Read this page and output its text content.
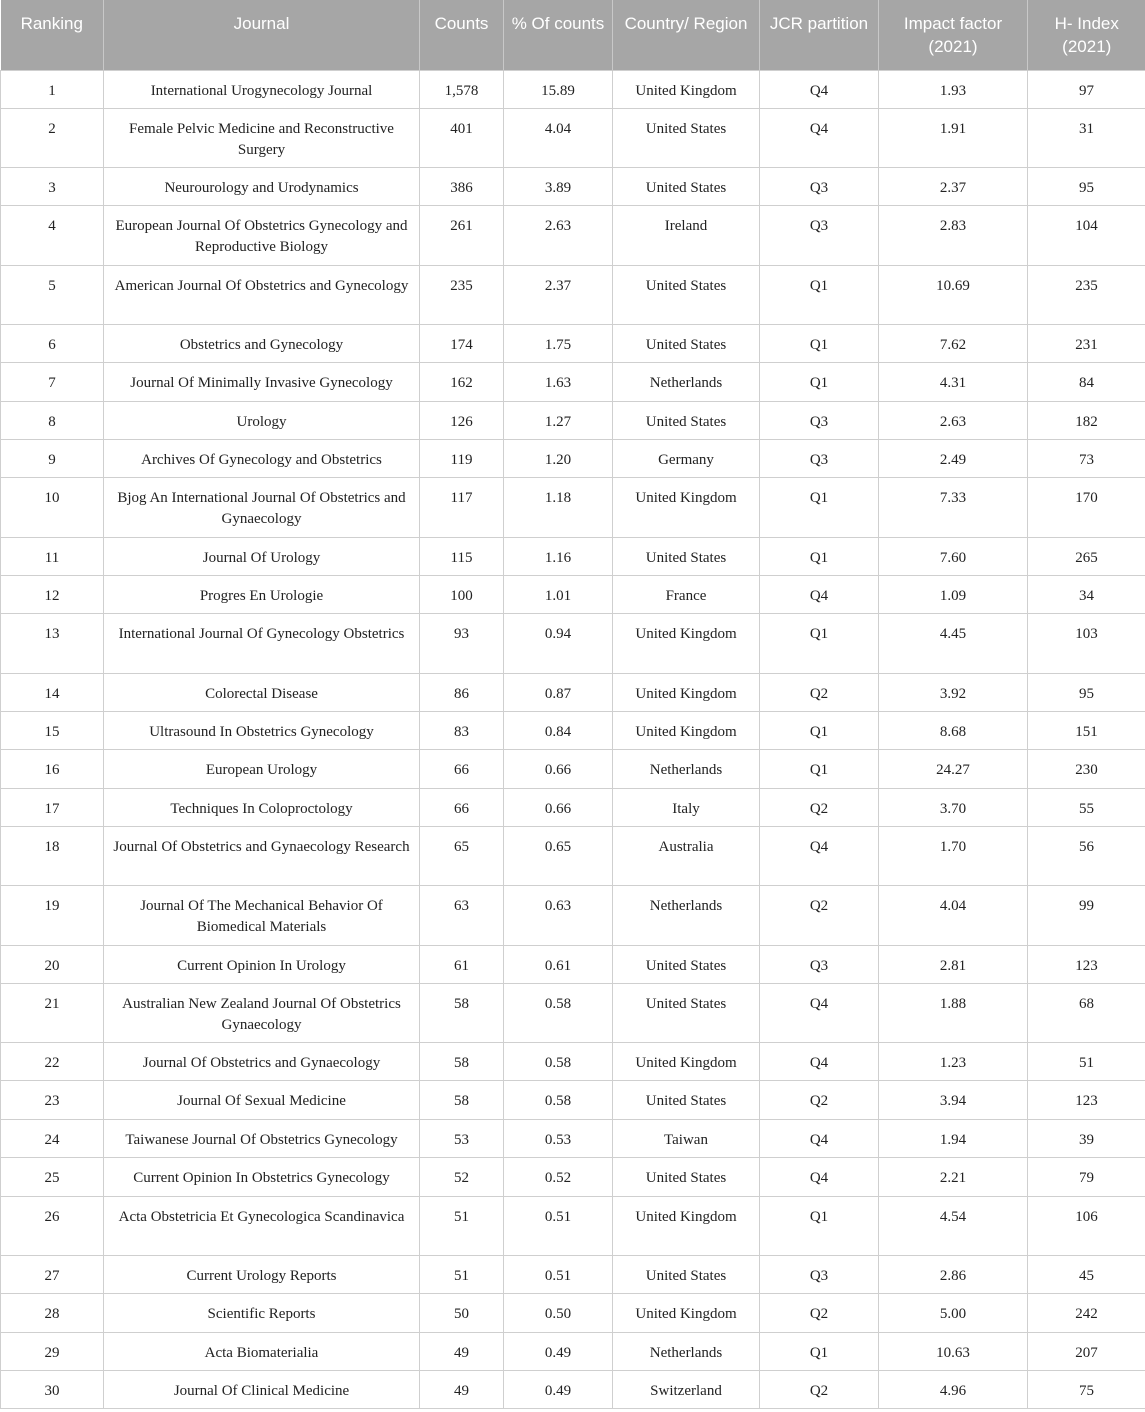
Ranking	Journal	Counts	% Of counts	Country/ Region	JCR partition	Impact factor (2021)	H- Index (2021)
1	International Urogynecology Journal	1,578	15.89	United Kingdom	Q4	1.93	97
2	Female Pelvic Medicine and Reconstructive Surgery	401	4.04	United States	Q4	1.91	31
3	Neurourology and Urodynamics	386	3.89	United States	Q3	2.37	95
4	European Journal Of Obstetrics Gynecology and Reproductive Biology	261	2.63	Ireland	Q3	2.83	104
5	American Journal Of Obstetrics and Gynecology	235	2.37	United States	Q1	10.69	235
6	Obstetrics and Gynecology	174	1.75	United States	Q1	7.62	231
7	Journal Of Minimally Invasive Gynecology	162	1.63	Netherlands	Q1	4.31	84
8	Urology	126	1.27	United States	Q3	2.63	182
9	Archives Of Gynecology and Obstetrics	119	1.20	Germany	Q3	2.49	73
10	Bjog An International Journal Of Obstetrics and Gynaecology	117	1.18	United Kingdom	Q1	7.33	170
11	Journal Of Urology	115	1.16	United States	Q1	7.60	265
12	Progres En Urologie	100	1.01	France	Q4	1.09	34
13	International Journal Of Gynecology Obstetrics	93	0.94	United Kingdom	Q1	4.45	103
14	Colorectal Disease	86	0.87	United Kingdom	Q2	3.92	95
15	Ultrasound In Obstetrics Gynecology	83	0.84	United Kingdom	Q1	8.68	151
16	European Urology	66	0.66	Netherlands	Q1	24.27	230
17	Techniques In Coloproctology	66	0.66	Italy	Q2	3.70	55
18	Journal Of Obstetrics and Gynaecology Research	65	0.65	Australia	Q4	1.70	56
19	Journal Of The Mechanical Behavior Of Biomedical Materials	63	0.63	Netherlands	Q2	4.04	99
20	Current Opinion In Urology	61	0.61	United States	Q3	2.81	123
21	Australian New Zealand Journal Of Obstetrics Gynaecology	58	0.58	United States	Q4	1.88	68
22	Journal Of Obstetrics and Gynaecology	58	0.58	United Kingdom	Q4	1.23	51
23	Journal Of Sexual Medicine	58	0.58	United States	Q2	3.94	123
24	Taiwanese Journal Of Obstetrics Gynecology	53	0.53	Taiwan	Q4	1.94	39
25	Current Opinion In Obstetrics Gynecology	52	0.52	United States	Q4	2.21	79
26	Acta Obstetricia Et Gynecologica Scandinavica	51	0.51	United Kingdom	Q1	4.54	106
27	Current Urology Reports	51	0.51	United States	Q3	2.86	45
28	Scientific Reports	50	0.50	United Kingdom	Q2	5.00	242
29	Acta Biomaterialia	49	0.49	Netherlands	Q1	10.63	207
30	Journal Of Clinical Medicine	49	0.49	Switzerland	Q2	4.96	75
